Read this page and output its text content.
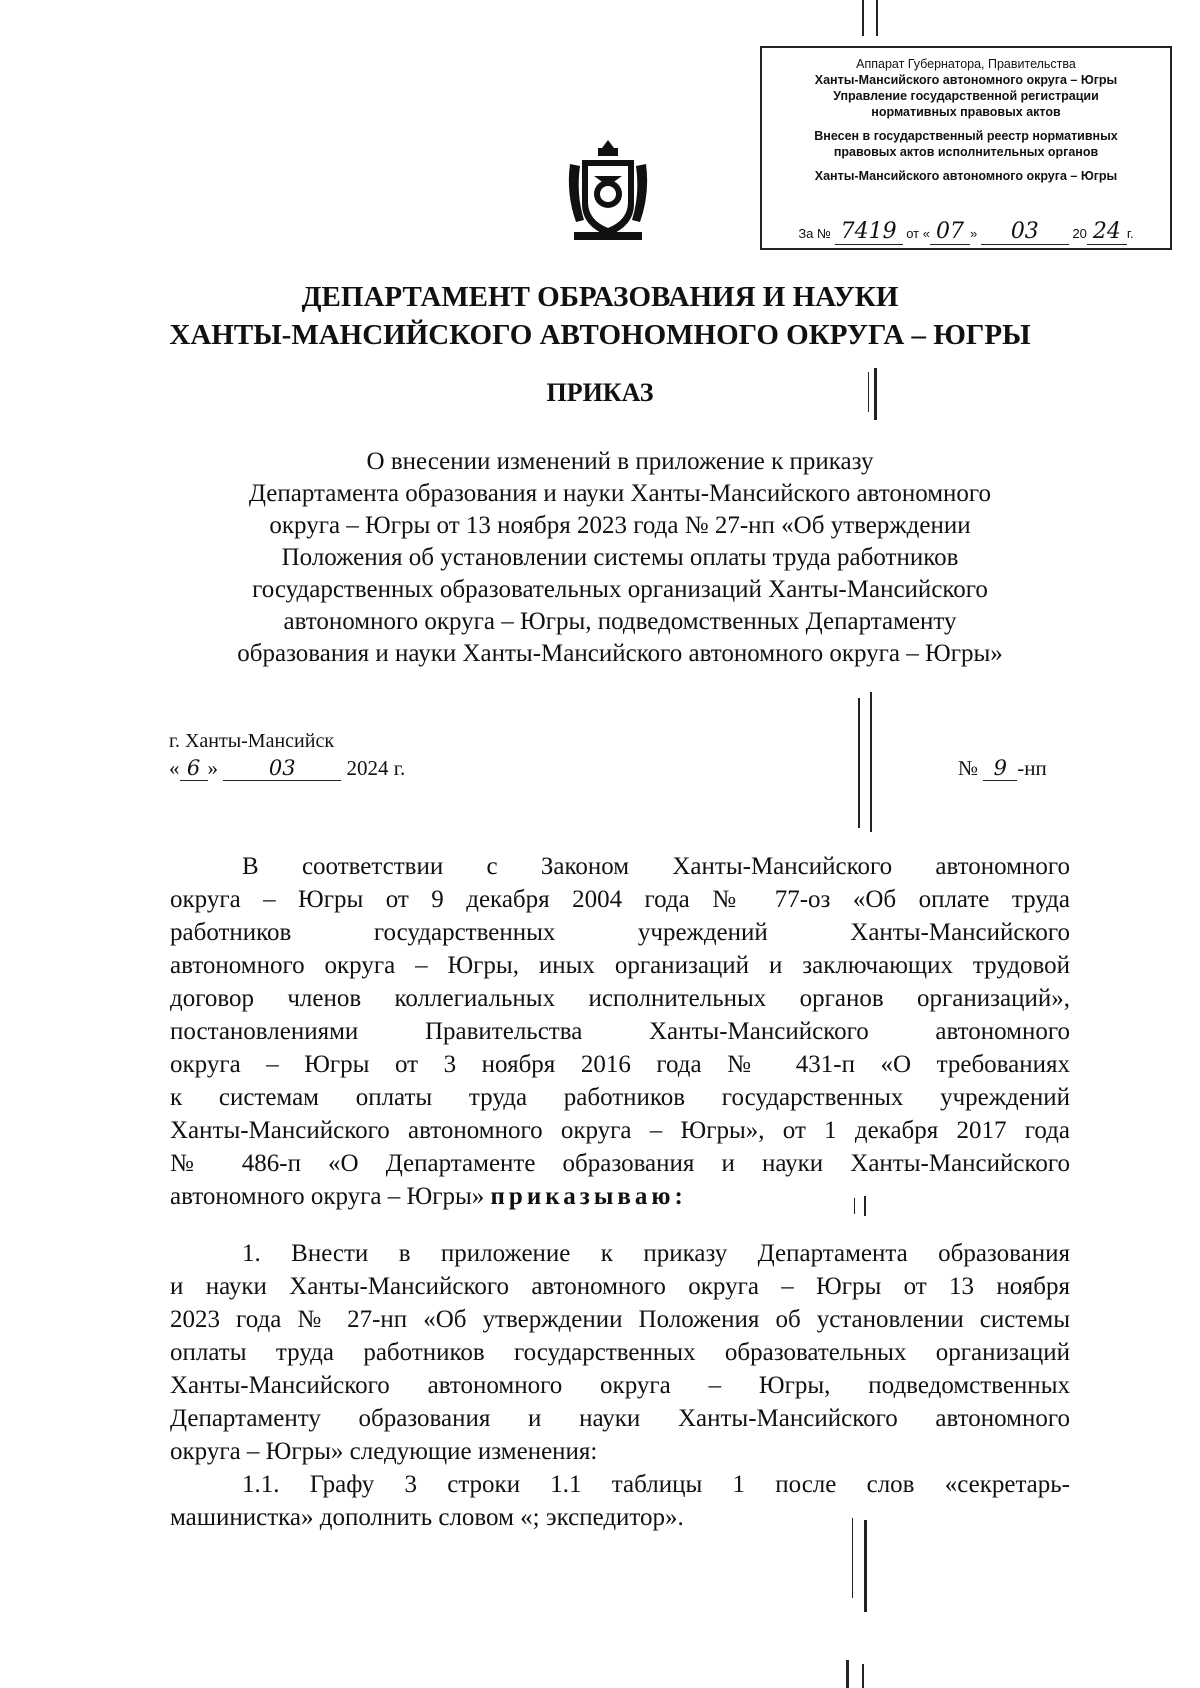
Аппарат Губернатора, Правительства
Ханты-Мансийского автономного округа – Югры
Управление государственной регистрации
нормативных правовых актов
Внесен в государственный реестр нормативных
правовых актов исполнительных органов
Ханты-Мансийского автономного округа – Югры
За № 7419 от « 07 » 03	20 24 г.
ДЕПАРТАМЕНТ ОБРАЗОВАНИЯ И НАУКИ
ХАНТЫ-МАНСИЙСКОГО АВТОНОМНОГО ОКРУГА – ЮГРЫ
ПРИКАЗ
О внесении изменений в приложение к приказу
Департамента образования и науки Ханты-Мансийского автономного
округа – Югры от 13 ноября 2023 года № 27-нп «Об утверждении
Положения об установлении системы оплаты труда работников
государственных образовательных организаций Ханты-Мансийского
автономного округа – Югры, подведомственных Департаменту
образования и науки Ханты-Мансийского автономного округа – Югры»
г. Ханты-Мансийск
« 6 » 03 2024 г.	№ 9 -нп
В соответствии с Законом Ханты-Мансийского автономного
округа – Югры от 9 декабря 2004 года № 77-оз «Об оплате труда
работников государственных учреждений Ханты-Мансийского
автономного округа – Югры, иных организаций и заключающих трудовой
договор членов коллегиальных исполнительных органов организаций»,
постановлениями Правительства Ханты-Мансийского автономного
округа – Югры от 3 ноября 2016 года № 431-п «О требованиях
к системам оплаты труда работников государственных учреждений
Ханты-Мансийского автономного округа – Югры», от 1 декабря 2017 года
№ 486-п «О Департаменте образования и науки Ханты-Мансийского
автономного округа – Югры» приказываю:
1. Внести в приложение к приказу Департамента образования
и науки Ханты-Мансийского автономного округа – Югры от 13 ноября
2023 года № 27-нп «Об утверждении Положения об установлении системы
оплаты труда работников государственных образовательных организаций
Ханты-Мансийского автономного округа – Югры, подведомственных
Департаменту образования и науки Ханты-Мансийского автономного
округа – Югры» следующие изменения:
1.1. Графу 3 строки 1.1 таблицы 1 после слов «секретарь-
машинистка» дополнить словом «; экспедитор».
